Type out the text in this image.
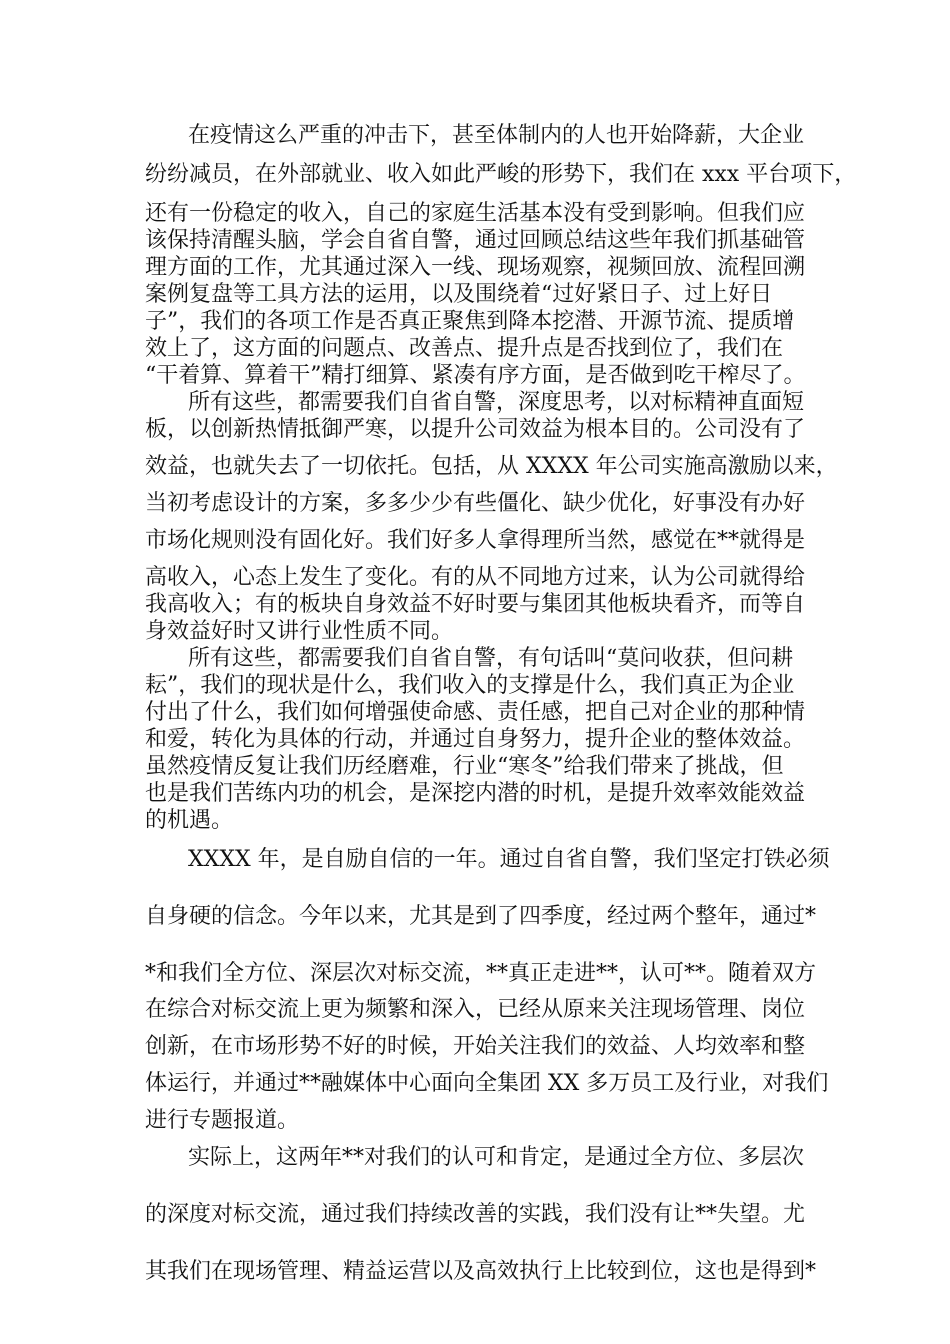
在疫情这么严重的冲击下，甚至体制内的人也开始降薪，大企业

纷纷减员，在外部就业、收入如此严峻的形势下，我们在 xxx 平台项下，

还有一份稳定的收入，自己的家庭生活基本没有受到影响。但我们应

该保持清醒头脑，学会自省自警，通过回顾总结这些年我们抓基础管

理方面的工作，尤其通过深入一线、现场观察，视频回放、流程回溯

案例复盘等工具方法的运用，以及围绕着“过好紧日子、过上好日

子”，我们的各项工作是否真正聚焦到降本挖潜、开源节流、提质增

效上了，这方面的问题点、改善点、提升点是否找到位了，我们在

“干着算、算着干”精打细算、紧凑有序方面，是否做到吃干榨尽了。

所有这些，都需要我们自省自警，深度思考，以对标精神直面短

板，以创新热情抵御严寒，以提升公司效益为根本目的。公司没有了

效益，也就失去了一切依托。包括，从 XXXX 年公司实施高激励以来，

当初考虑设计的方案，多多少少有些僵化、缺少优化，好事没有办好

市场化规则没有固化好。我们好多人拿得理所当然，感觉在**就得是

高收入，心态上发生了变化。有的从不同地方过来，认为公司就得给

我高收入；有的板块自身效益不好时要与集团其他板块看齐，而等自

身效益好时又讲行业性质不同。

所有这些，都需要我们自省自警，有句话叫“莫问收获，但问耕

耘”，我们的现状是什么，我们收入的支撑是什么，我们真正为企业

付出了什么，我们如何增强使命感、责任感，把自己对企业的那种情

和爱，转化为具体的行动，并通过自身努力，提升企业的整体效益。

虽然疫情反复让我们历经磨难，行业“寒冬”给我们带来了挑战，但

也是我们苦练内功的机会，是深挖内潜的时机，是提升效率效能效益

的机遇。

XXXX 年，是自励自信的一年。通过自省自警，我们坚定打铁必须

自身硬的信念。今年以来，尤其是到了四季度，经过两个整年，通过*

*和我们全方位、深层次对标交流，**真正走进**，认可**。随着双方

在综合对标交流上更为频繁和深入，已经从原来关注现场管理、岗位

创新，在市场形势不好的时候，开始关注我们的效益、人均效率和整

体运行，并通过**融媒体中心面向全集团 XX 多万员工及行业，对我们

进行专题报道。

实际上，这两年**对我们的认可和肯定，是通过全方位、多层次

的深度对标交流，通过我们持续改善的实践，我们没有让**失望。尤

其我们在现场管理、精益运营以及高效执行上比较到位，这也是得到*
